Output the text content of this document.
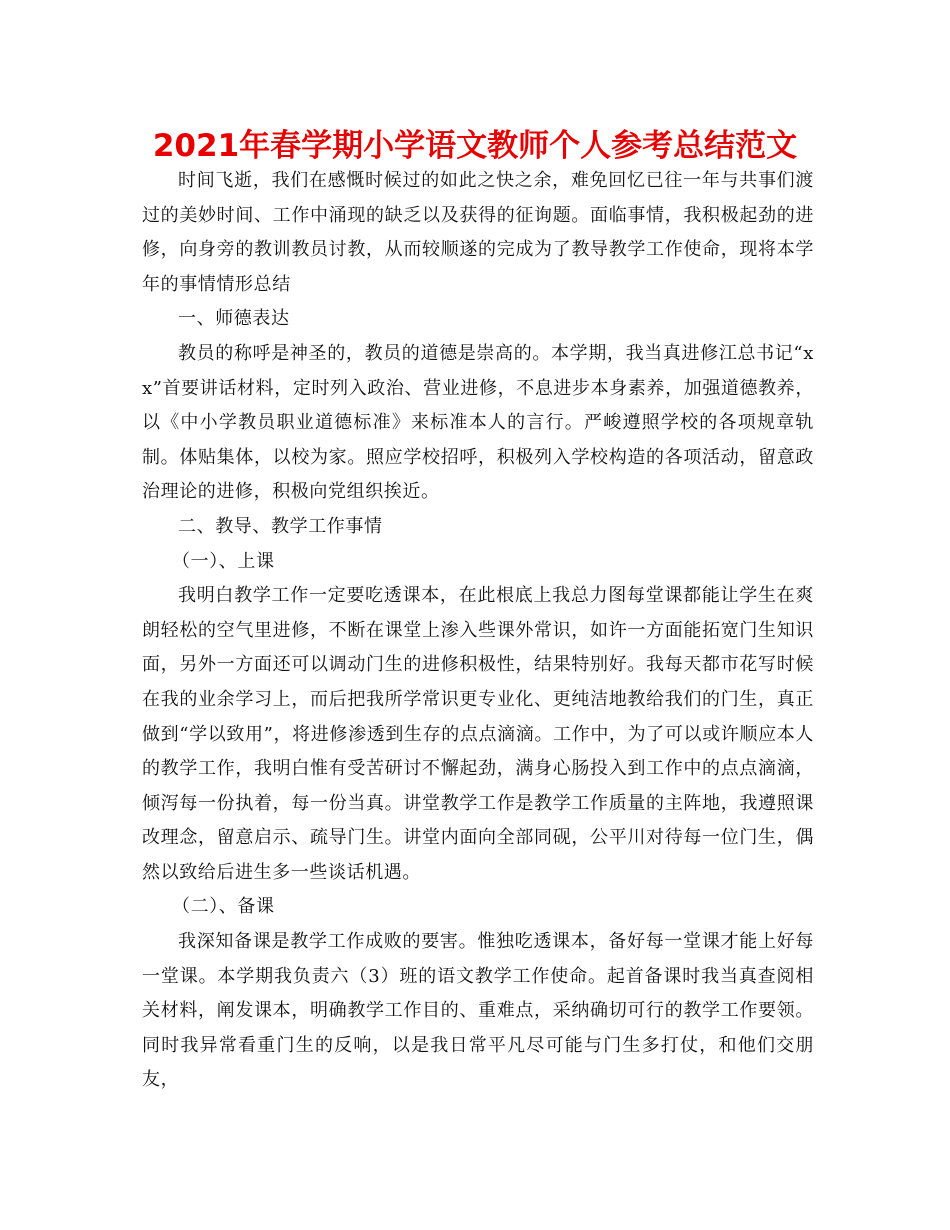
2021年春学期小学语文教师个人参考总结范文

时间飞逝，我们在感慨时候过的如此之快之余，难免回忆已往一年与共事们渡过的美妙时间、工作中涌现的缺乏以及获得的征询题。面临事情，我积极起劲的进修，向身旁的教训教员讨教，从而较顺遂的完成为了教导教学工作使命，现将本学年的事情情形总结

一、师德表达

教员的称呼是神圣的，教员的道德是崇高的。本学期，我当真进修江总书记“xx”首要讲话材料，定时列入政治、营业进修，不息进步本身素养，加强道德教养，以《中小学教员职业道德标准》来标准本人的言行。严峻遵照学校的各项规章轨制。体贴集体，以校为家。照应学校招呼，积极列入学校构造的各项活动，留意政治理论的进修，积极向党组织挨近。

二、教导、教学工作事情

（一）、上课

我明白教学工作一定要吃透课本，在此根底上我总力图每堂课都能让学生在爽朗轻松的空气里进修，不断在课堂上渗入些课外常识，如许一方面能拓宽门生知识面，另外一方面还可以调动门生的进修积极性，结果特别好。我每天都市花写时候在我的业余学习上，而后把我所学常识更专业化、更纯洁地教给我们的门生，真正做到“学以致用”，将进修渗透到生存的点点滴滴。工作中，为了可以或许顺应本人的教学工作，我明白惟有受苦研讨不懈起劲，满身心肠投入到工作中的点点滴滴，倾泻每一份执着，每一份当真。讲堂教学工作是教学工作质量的主阵地，我遵照课改理念，留意启示、疏导门生。讲堂内面向全部同砚，公平川对待每一位门生，偶然以致给后进生多一些谈话机遇。

（二）、备课

我深知备课是教学工作成败的要害。惟独吃透课本，备好每一堂课才能上好每一堂课。本学期我负责六（3）班的语文教学工作使命。起首备课时我当真查阅相关材料，阐发课本，明确教学工作目的、重难点，采纳确切可行的教学工作要领。同时我异常看重门生的反响，以是我日常平凡尽可能与门生多打仗，和他们交朋友，
